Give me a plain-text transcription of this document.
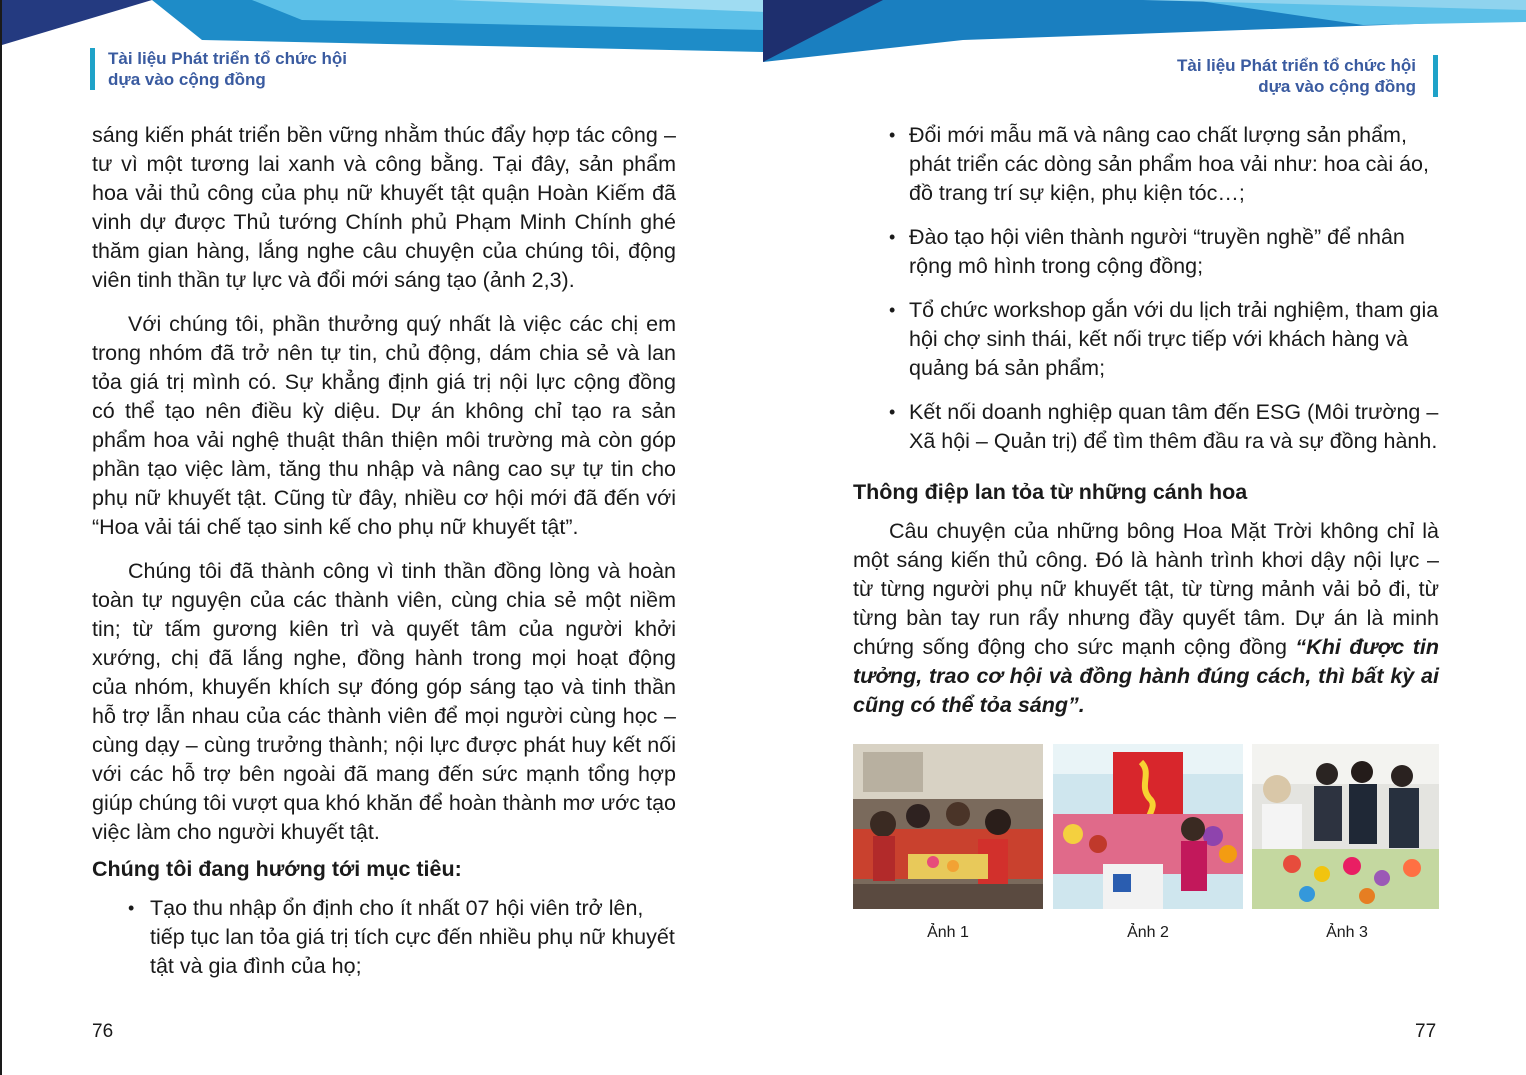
Tài liệu Phát triển tổ chức hội
dựa vào cộng đồng

sáng kiến phát triển bền vững nhằm thúc đẩy hợp tác công – tư vì một tương lai xanh và công bằng. Tại đây, sản phẩm hoa vải thủ công của phụ nữ khuyết tật quận Hoàn Kiếm đã vinh dự được Thủ tướng Chính phủ Phạm Minh Chính ghé thăm gian hàng, lắng nghe câu chuyện của chúng tôi, động viên tinh thần tự lực và đổi mới sáng tạo (ảnh 2,3).

Với chúng tôi, phần thưởng quý nhất là việc các chị em trong nhóm đã trở nên tự tin, chủ động, dám chia sẻ và lan tỏa giá trị mình có. Sự khẳng định giá trị nội lực cộng đồng có thể tạo nên điều kỳ diệu. Dự án không chỉ tạo ra sản phẩm hoa vải nghệ thuật thân thiện môi trường mà còn góp phần tạo việc làm, tăng thu nhập và nâng cao sự tự tin cho phụ nữ khuyết tật. Cũng từ đây, nhiều cơ hội mới đã đến với “Hoa vải tái chế tạo sinh kế cho phụ nữ khuyết tật”.

Chúng tôi đã thành công vì tinh thần đồng lòng và hoàn toàn tự nguyện của các thành viên, cùng chia sẻ một niềm tin; từ tấm gương kiên trì và quyết tâm của người khởi xướng, chị đã lắng nghe, đồng hành trong mọi hoạt động của nhóm, khuyến khích sự đóng góp sáng tạo và tinh thần hỗ trợ lẫn nhau của các thành viên để mọi người cùng học – cùng dạy – cùng trưởng thành; nội lực được phát huy kết nối với các hỗ trợ bên ngoài đã mang đến sức mạnh tổng hợp giúp chúng tôi vượt qua khó khăn để hoàn thành mơ ước tạo việc làm cho người khuyết tật.

Chúng tôi đang hướng tới mục tiêu:
• Tạo thu nhập ổn định cho ít nhất 07 hội viên trở lên, tiếp tục lan tỏa giá trị tích cực đến nhiều phụ nữ khuyết tật và gia đình của họ;
76
Tài liệu Phát triển tổ chức hội
dựa vào cộng đồng
• Đổi mới mẫu mã và nâng cao chất lượng sản phẩm, phát triển các dòng sản phẩm hoa vải như: hoa cài áo, đồ trang trí sự kiện, phụ kiện tóc…;
• Đào tạo hội viên thành người “truyền nghề” để nhân rộng mô hình trong cộng đồng;
• Tổ chức workshop gắn với du lịch trải nghiệm, tham gia hội chợ sinh thái, kết nối trực tiếp với khách hàng và quảng bá sản phẩm;
• Kết nối doanh nghiệp quan tâm đến ESG (Môi trường – Xã hội – Quản trị) để tìm thêm đầu ra và sự đồng hành.
Thông điệp lan tỏa từ những cánh hoa

Câu chuyện của những bông Hoa Mặt Trời không chỉ là một sáng kiến thủ công. Đó là hành trình khơi dậy nội lực – từ từng người phụ nữ khuyết tật, từ từng mảnh vải bỏ đi, từ từng bàn tay run rẩy nhưng đầy quyết tâm. Dự án là minh chứng sống động cho sức mạnh cộng đồng “Khi được tin tưởng, trao cơ hội và đồng hành đúng cách, thì bất kỳ ai cũng có thể tỏa sáng”.

Ảnh 1	Ảnh 2	Ảnh 3
77
